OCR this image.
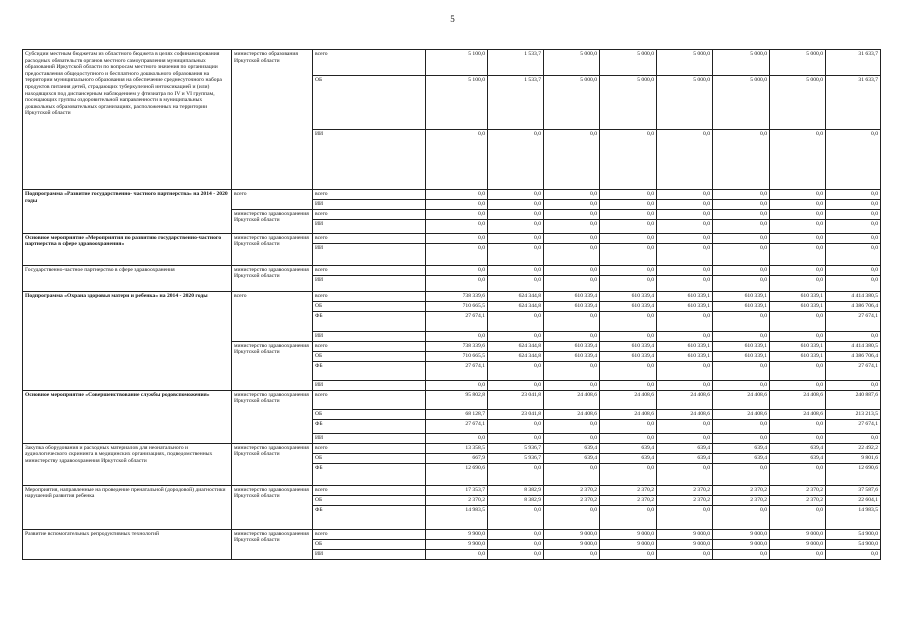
5
Субсидии местным бюджетам из областного бюджета в целях софинансирования расходных обязательств органов местного самоуправления муниципальных образований Иркутской области по вопросам местного значения по организации предоставления общедоступного и бесплатного дошкольного образования на территории муниципального образования на обеспечение среднесуточного набора продуктов питания детей, страдающих туберкулезной интоксикацией и (или) находящихся под диспансерным наблюдением у фтизиатра по IV и VI группам, посещающих группы оздоровительной направленности в муниципальных дошкольных образовательных организациях, расположенных на территории Иркутской области	министерство образования Иркутской области	всего	5 100,0	1 533,7	5 000,0	5 000,0	5 000,0	5 000,0	5 000,0	31 633,7
		ОБ	5 100,0	1 533,7	5 000,0	5 000,0	5 000,0	5 000,0	5 000,0	31 633,7
		ИИ	0,0	0,0	0,0	0,0	0,0	0,0	0,0	0,0
Подпрограмма «Развитие государственно- частного партнерства» на 2014 - 2020 годы	всего	всего	0,0	0,0	0,0	0,0	0,0	0,0	0,0	0,0
		ИИ	0,0	0,0	0,0	0,0	0,0	0,0	0,0	0,0
	министерство здравоохранения Иркутской области	всего	0,0	0,0	0,0	0,0	0,0	0,0	0,0	0,0
		ИИ	0,0	0,0	0,0	0,0	0,0	0,0	0,0	0,0
Основное мероприятие «Мероприятия по развитию государственно-частного партнерства в сфере здравоохранения»	министерство здравоохранения Иркутской области	всего	0,0	0,0	0,0	0,0	0,0	0,0	0,0	0,0
		ИИ	0,0	0,0	0,0	0,0	0,0	0,0	0,0	0,0
Государственно-частное партнерство в сфере здравоохранения	министерство здравоохранения Иркутской области	всего	0,0	0,0	0,0	0,0	0,0	0,0	0,0	0,0
		ИИ	0,0	0,0	0,0	0,0	0,0	0,0	0,0	0,0
Подпрограмма «Охрана здоровья матери и ребенка» на 2014 - 2020 годы	всего	всего	738 339,6	624 344,8	610 339,4	610 339,4	610 339,1	610 339,1	610 339,1	4 414 380,5
		ОБ	710 665,5	624 344,8	610 339,4	610 339,4	610 339,1	610 339,1	610 339,1	4 386 706,4
		ФБ	27 674,1	0,0	0,0	0,0	0,0	0,0	0,0	27 674,1
		ИИ	0,0	0,0	0,0	0,0	0,0	0,0	0,0	0,0
	министерство здравоохранения Иркутской области	всего	738 339,6	624 344,8	610 339,4	610 339,4	610 339,1	610 339,1	610 339,1	4 414 380,5
		ОБ	710 665,5	624 344,8	610 339,4	610 339,4	610 339,1	610 339,1	610 339,1	4 386 706,4
		ФБ	27 674,1	0,0	0,0	0,0	0,0	0,0	0,0	27 674,1
		ИИ	0,0	0,0	0,0	0,0	0,0	0,0	0,0	0,0
Основное мероприятие «Совершенствование службы родовспоможения»	министерство здравоохранения Иркутской области	всего	95 802,8	23 041,8	24 408,6	24 408,6	24 408,6	24 408,6	24 408,6	240 887,6
		ОБ	68 128,7	23 041,8	24 408,6	24 408,6	24 408,6	24 408,6	24 408,6	213 213,5
		ФБ	27 674,1	0,0	0,0	0,0	0,0	0,0	0,0	27 674,1
		ИИ	0,0	0,0	0,0	0,0	0,0	0,0	0,0	0,0
Закупка оборудования и расходных материалов для неонатального и аудиологического скрининга в медицинских организациях, подведомственных министерству здравоохранения Иркутской области	министерство здравоохранения Иркутской области	всего	13 358,5	5 936,7	639,4	639,4	639,4	639,4	639,4	22 492,2
		ОБ	667,9	5 936,7	639,4	639,4	639,4	639,4	639,4	9 801,6
		ФБ	12 690,6	0,0	0,0	0,0	0,0	0,0	0,0	12 690,6
Мероприятия, направленные на проведение пренатальной (дородовой) диагностики нарушений развития ребенка	министерство здравоохранения Иркутской области	всего	17 353,7	8 382,9	2 370,2	2 370,2	2 370,2	2 370,2	2 370,2	37 587,6
		ОБ	2 370,2	8 382,9	2 370,2	2 370,2	2 370,2	2 370,2	2 370,2	22 604,1
		ФБ	14 983,5	0,0	0,0	0,0	0,0	0,0	0,0	14 983,5
Развитие вспомогательных репродуктивных технологий	министерство здравоохранения Иркутской области	всего	9 900,0	0,0	9 000,0	9 000,0	9 000,0	9 000,0	9 000,0	54 900,0
		ОБ	9 900,0	0,0	9 000,0	9 000,0	9 000,0	9 000,0	9 000,0	54 900,0
		ИИ	0,0	0,0	0,0	0,0	0,0	0,0	0,0	0,0
